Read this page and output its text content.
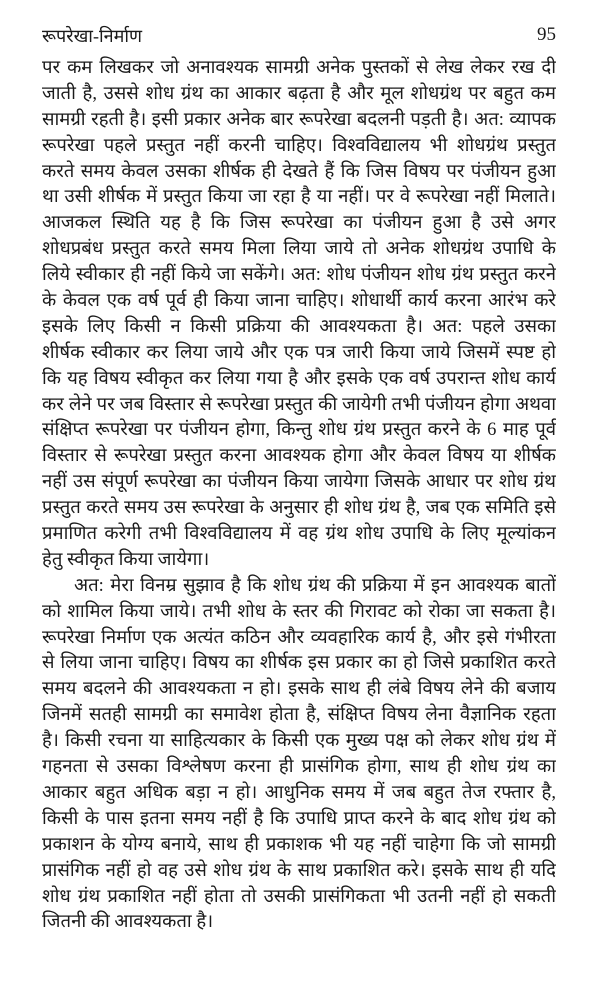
रूपरेखा-निर्माण	95
पर कम लिखकर जो अनावश्यक सामग्री अनेक पुस्तकों से लेख लेकर रख दी
जाती है, उससे शोध ग्रंथ का आकार बढ़ता है और मूल शोधग्रंथ पर बहुत कम
सामग्री रहती है। इसी प्रकार अनेक बार रूपरेखा बदलनी पड़ती है। अत: व्यापक
रूपरेखा पहले प्रस्तुत नहीं करनी चाहिए। विश्वविद्यालय भी शोधग्रंथ प्रस्तुत
करते समय केवल उसका शीर्षक ही देखते हैं कि जिस विषय पर पंजीयन हुआ
था उसी शीर्षक में प्रस्तुत किया जा रहा है या नहीं। पर वे रूपरेखा नहीं मिलाते।
आजकल स्थिति यह है कि जिस रूपरेखा का पंजीयन हुआ है उसे अगर
शोधप्रबंध प्रस्तुत करते समय मिला लिया जाये तो अनेक शोधग्रंथ उपाधि के
लिये स्वीकार ही नहीं किये जा सकेंगे। अत: शोध पंजीयन शोध ग्रंथ प्रस्तुत करने
के केवल एक वर्ष पूर्व ही किया जाना चाहिए। शोधार्थी कार्य करना आरंभ करे
इसके लिए किसी न किसी प्रक्रिया की आवश्यकता है। अत: पहले उसका
शीर्षक स्वीकार कर लिया जाये और एक पत्र जारी किया जाये जिसमें स्पष्ट हो
कि यह विषय स्वीकृत कर लिया गया है और इसके एक वर्ष उपरान्त शोध कार्य
कर लेने पर जब विस्तार से रूपरेखा प्रस्तुत की जायेगी तभी पंजीयन होगा अथवा
संक्षिप्त रूपरेखा पर पंजीयन होगा, किन्तु शोध ग्रंथ प्रस्तुत करने के 6 माह पूर्व
विस्तार से रूपरेखा प्रस्तुत करना आवश्यक होगा और केवल विषय या शीर्षक
नहीं उस संपूर्ण रूपरेखा का पंजीयन किया जायेगा जिसके आधार पर शोध ग्रंथ
प्रस्तुत करते समय उस रूपरेखा के अनुसार ही शोध ग्रंथ है, जब एक समिति इसे
प्रमाणित करेगी तभी विश्वविद्यालय में वह ग्रंथ शोध उपाधि के लिए मूल्यांकन
हेतु स्वीकृत किया जायेगा।
अत: मेरा विनम्र सुझाव है कि शोध ग्रंथ की प्रक्रिया में इन आवश्यक बातों
को शामिल किया जाये। तभी शोध के स्तर की गिरावट को रोका जा सकता है।
रूपरेखा निर्माण एक अत्यंत कठिन और व्यवहारिक कार्य है, और इसे गंभीरता
से लिया जाना चाहिए। विषय का शीर्षक इस प्रकार का हो जिसे प्रकाशित करते
समय बदलने की आवश्यकता न हो। इसके साथ ही लंबे विषय लेने की बजाय
जिनमें सतही सामग्री का समावेश होता है, संक्षिप्त विषय लेना वैज्ञानिक रहता
है। किसी रचना या साहित्यकार के किसी एक मुख्य पक्ष को लेकर शोध ग्रंथ में
गहनता से उसका विश्लेषण करना ही प्रासंगिक होगा, साथ ही शोध ग्रंथ का
आकार बहुत अधिक बड़ा न हो। आधुनिक समय में जब बहुत तेज रफ्तार है,
किसी के पास इतना समय नहीं है कि उपाधि प्राप्त करने के बाद शोध ग्रंथ को
प्रकाशन के योग्य बनाये, साथ ही प्रकाशक भी यह नहीं चाहेगा कि जो सामग्री
प्रासंगिक नहीं हो वह उसे शोध ग्रंथ के साथ प्रकाशित करे। इसके साथ ही यदि
शोध ग्रंथ प्रकाशित नहीं होता तो उसकी प्रासंगिकता भी उतनी नहीं हो सकती
जितनी की आवश्यकता है।
